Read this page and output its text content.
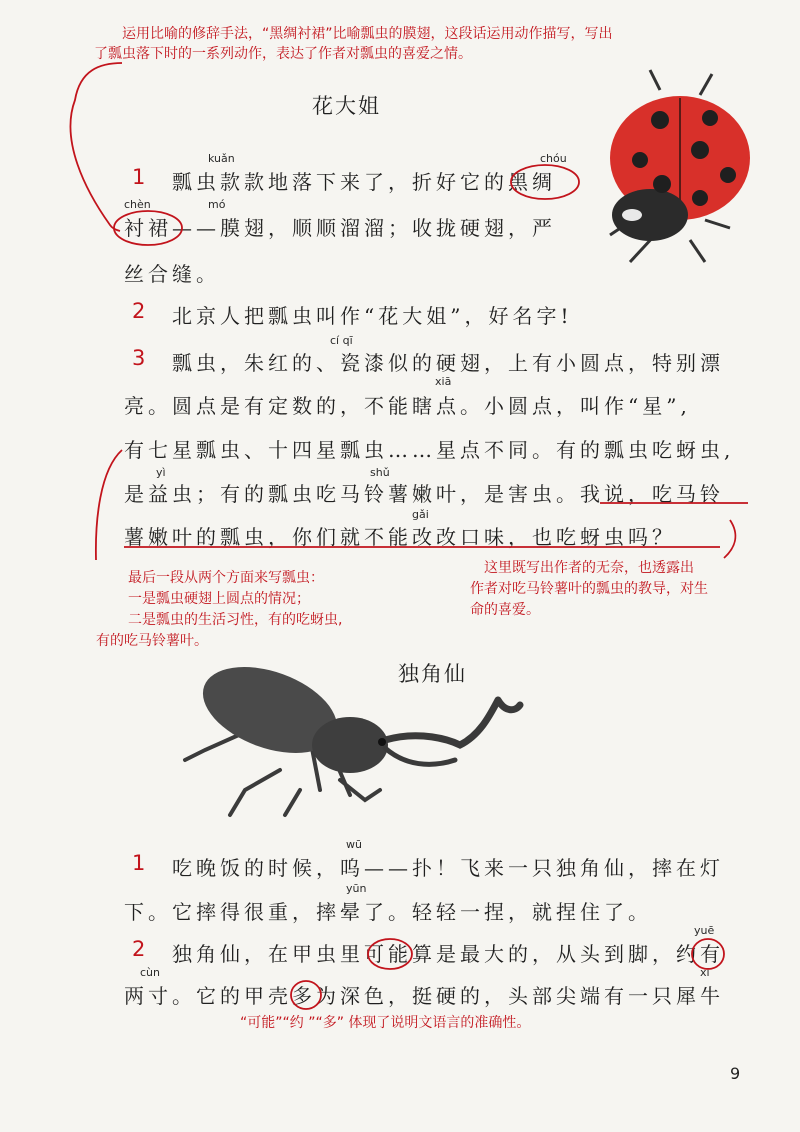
运用比喻的修辞手法，“黑绸衬裙”比喻瓢虫的膜翅，这段话运用动作描写，写出
了瓢虫落下时的一系列动作，表达了作者对瓢虫的喜爱之情。
花大姐
kuǎn	chóu
chèn	mó
cí qī
xiā
yì	shǔ
gǎi
1 瓢虫款款地落下来了，折好它的黑绸
衬裙——膜翅，顺顺溜溜；收拢硬翅，严
丝合缝。
2 北京人把瓢虫叫作“花大姐”，好名字!
3 瓢虫，朱红的、瓷漆似的硬翅，上有小圆点，特别漂
亮。圆点是有定数的，不能瞎点。小圆点，叫作“星”,
有七星瓢虫、十四星瓢虫……星点不同。有的瓢虫吃蚜虫,
是益虫；有的瓢虫吃马铃薯嫩叶，是害虫。我说，吃马铃
薯嫩叶的瓢虫，你们就不能改改口味，也吃蚜虫吗？
最后一段从两个方面来写瓢虫：
一是瓢虫硬翅上圆点的情况；
二是瓢虫的生活习性，有的吃蚜虫,
有的吃马铃薯叶。
这里既写出作者的无奈，也透露出
作者对吃马铃薯叶的瓢虫的教导，对生
命的喜爱。
独角仙
wū
yūn
yuē
cùn	xī
1 吃晚饭的时候，呜——扑！飞来一只独角仙，摔在灯
下。它摔得很重，摔晕了。轻轻一捏，就捏住了。
2 独角仙，在甲虫里可能算是最大的，从头到脚，约有
两寸。它的甲壳多为深色，挺硬的，头部尖端有一只犀牛
“可能”“约 ”“多” 体现了说明文语言的准确性。
9
